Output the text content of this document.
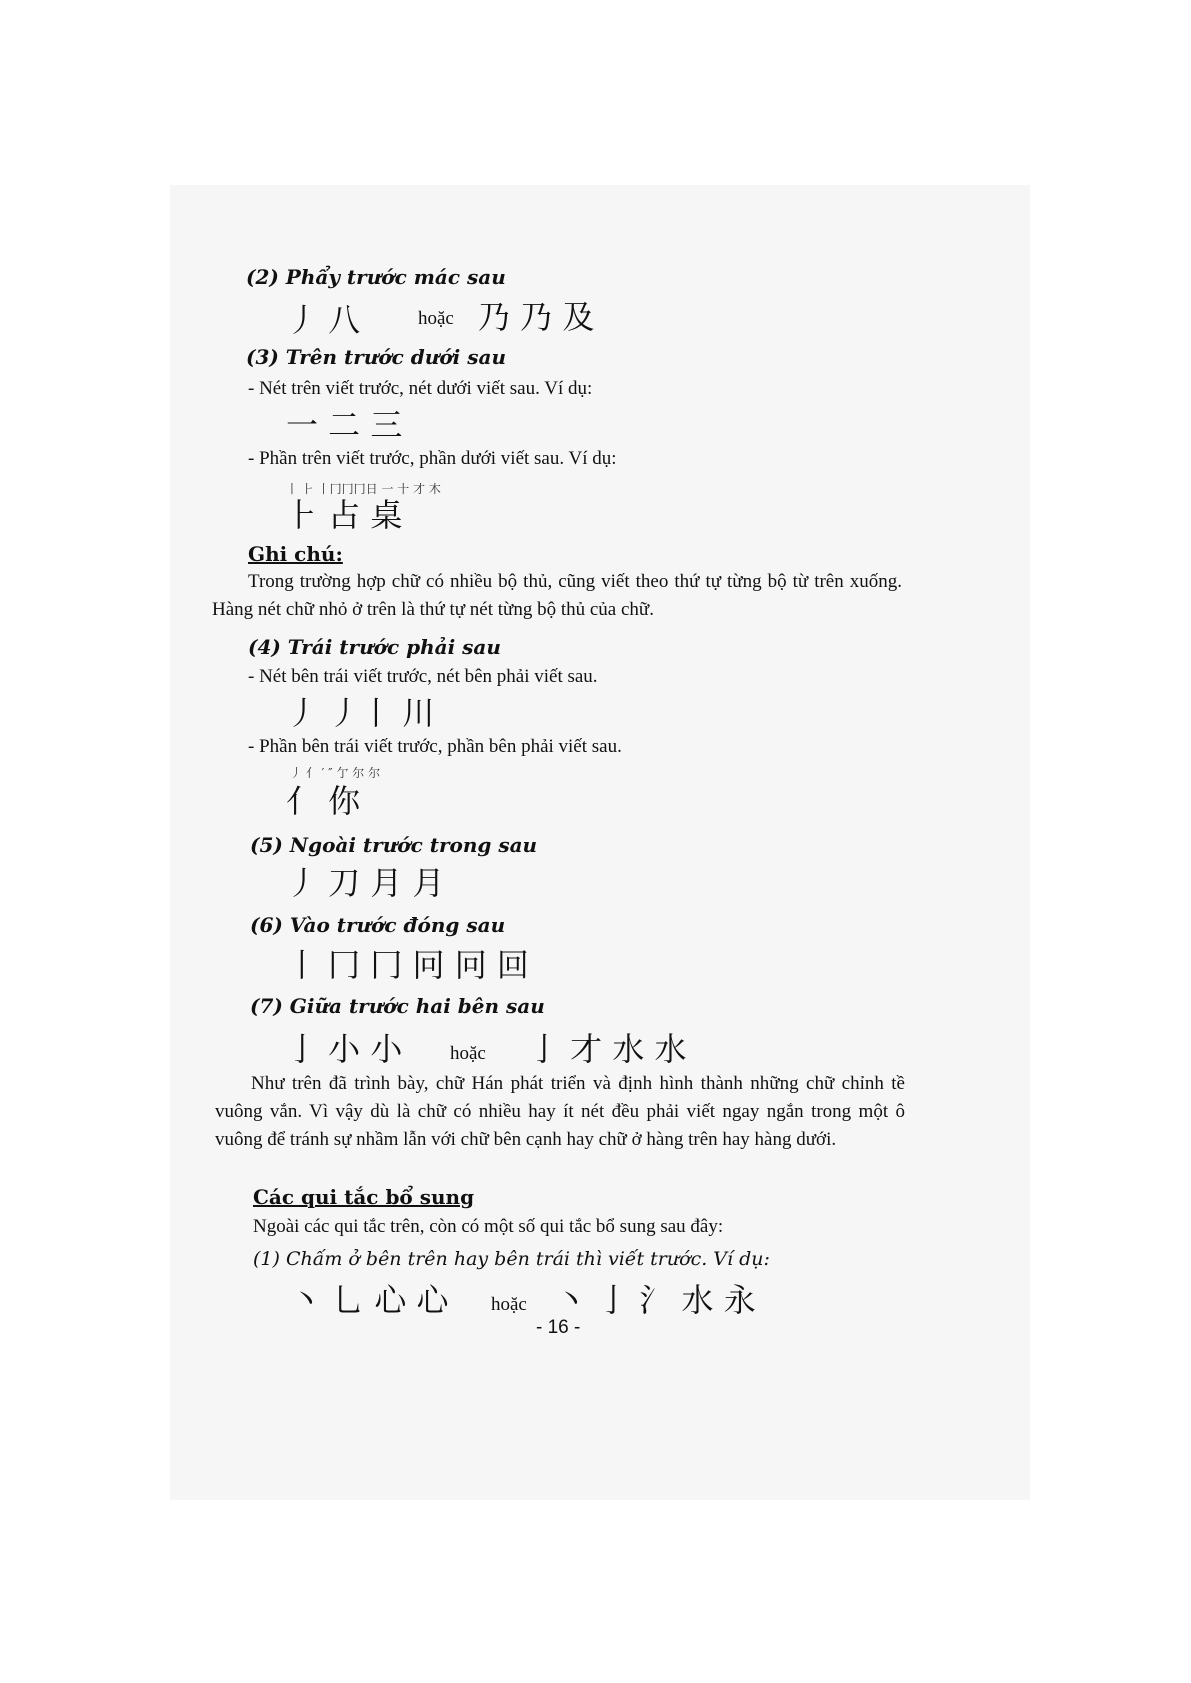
(2) Phẩy trước mác sau
丿 八	hoặc 乃 乃 及
(3) Trên trước dưới sau
- Nét trên viết trước, nét dưới viết sau. Ví dụ:
一 二 三
- Phần trên viết trước, phần dưới viết sau. Ví dụ:
丨 ⺊ 丨冂冂冂日 一 十 才 木
⺊ 占 桌
Ghi chú:
Trong trường hợp chữ có nhiều bộ thủ, cũng viết theo thứ tự từng bộ từ trên xuống. Hàng nét chữ nhỏ ở trên là thứ tự nét từng bộ thủ của chữ.
(4) Trái trước phải sau
- Nét bên trái viết trước, nét bên phải viết sau.
丿 丿丨 川
- Phần bên trái viết trước, phần bên phải viết sau.
丿 亻 ′ ″ 亇 尔 尔
亻 你
(5) Ngoài trước trong sau
丿 刀 月 月
(6) Vào trước đóng sau
丨 冂 冂 冋 冋 回
(7) Giữa trước hai bên sau
亅 小 小	hoặc 亅 才 水 水
Như trên đã trình bày, chữ Hán phát triển và định hình thành những chữ chỉnh tề vuông vắn. Vì vậy dù là chữ có nhiều hay ít nét đều phải viết ngay ngắn trong một ô vuông để tránh sự nhầm lẫn với chữ bên cạnh hay chữ ở hàng trên hay hàng dưới.
Các qui tắc bổ sung
Ngoài các qui tắc trên, còn có một số qui tắc bổ sung sau đây:
(1) Chấm ở bên trên hay bên trái thì viết trước. Ví dụ:
丶 乚 心 心 hoặc 丶 亅 ⺡ 水 永
- 16 -
